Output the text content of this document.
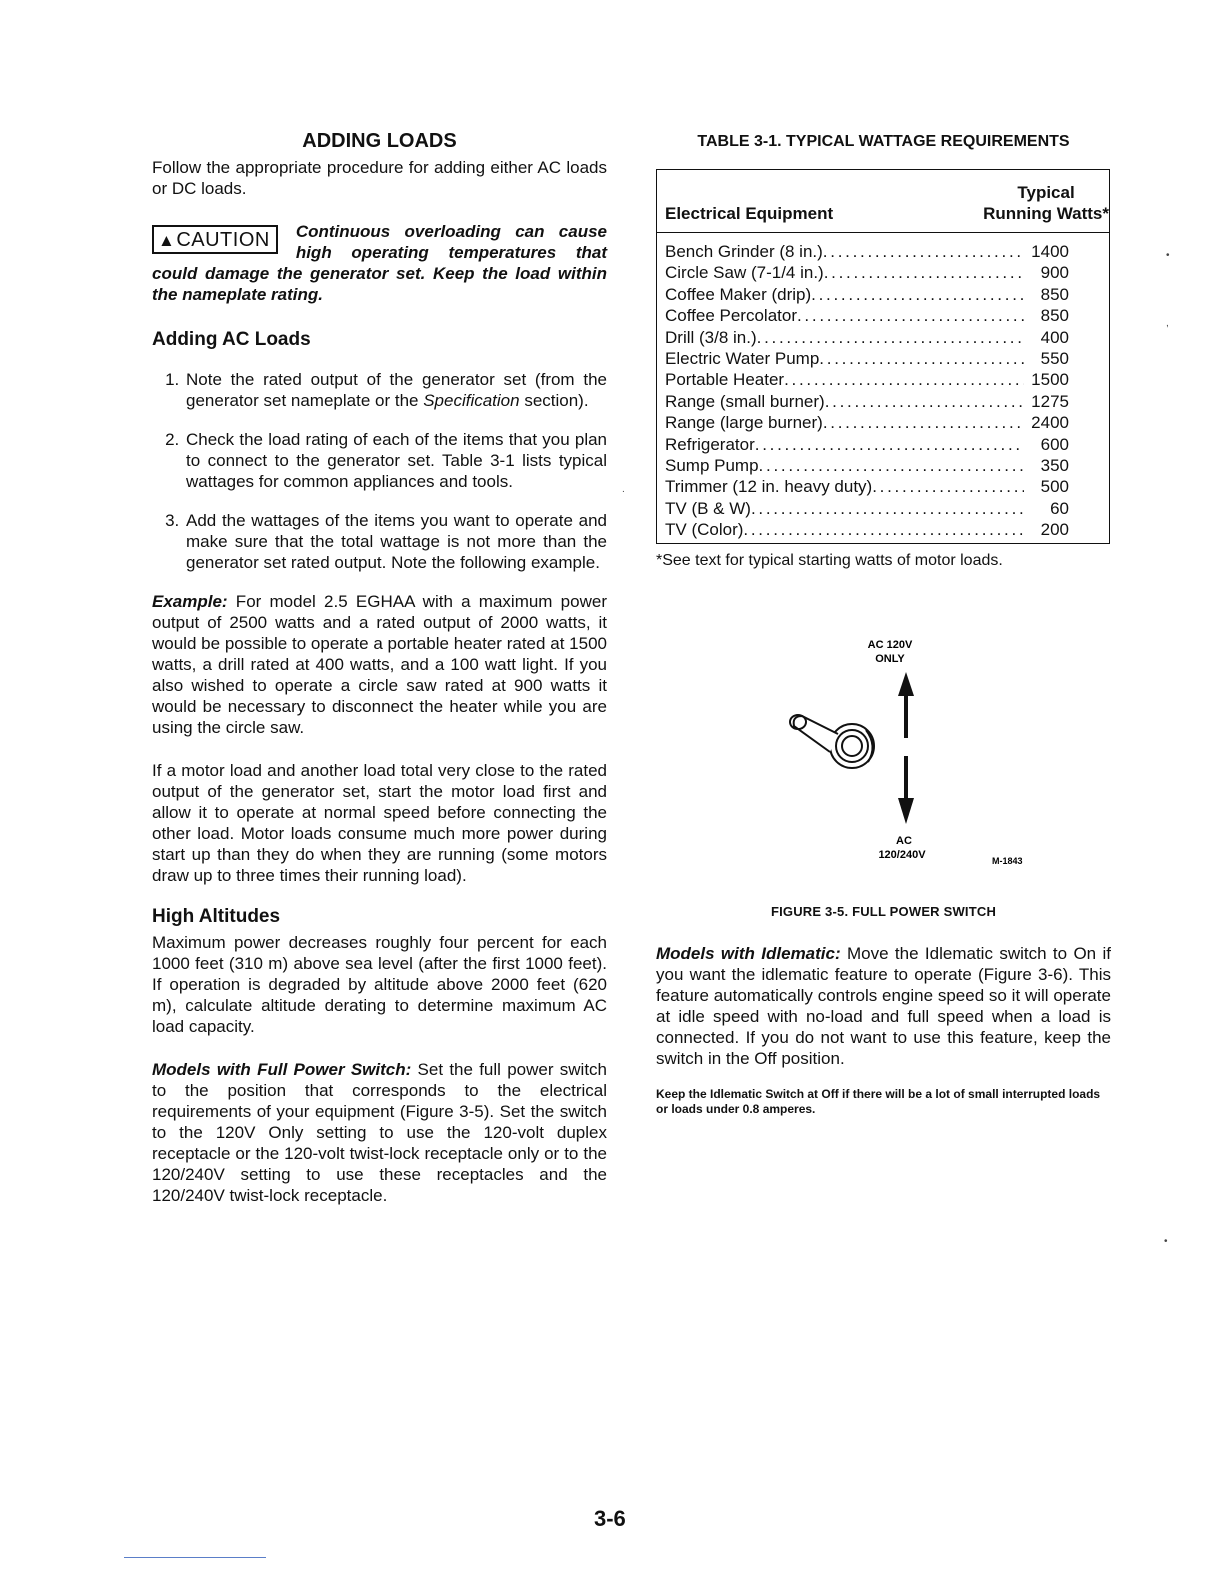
ADDING LOADS

Follow the appropriate procedure for adding either AC loads or DC loads.

▲CAUTION	Continuous overloading can cause high operating temperatures that could damage the generator set. Keep the load within the nameplate rating.
Adding AC Loads
1. Note the rated output of the generator set (from the generator set nameplate or the Specification section).
2. Check the load rating of each of the items that you plan to connect to the generator set. Table 3-1 lists typical wattages for common appliances and tools.
3. Add the wattages of the items you want to operate and make sure that the total wattage is not more than the generator set rated output. Note the following example.

Example: For model 2.5 EGHAA with a maximum power output of 2500 watts and a rated output of 2000 watts, it would be possible to operate a portable heater rated at 1500 watts, a drill rated at 400 watts, and a 100 watt light. If you also wished to operate a circle saw rated at 900 watts it would be necessary to disconnect the heater while you are using the circle saw.

If a motor load and another load total very close to the rated output of the generator set, start the motor load first and allow it to operate at normal speed before connecting the other load. Motor loads consume much more power during start up than they do when they are running (some motors draw up to three times their running load).

High Altitudes

Maximum power decreases roughly four percent for each 1000 feet (310 m) above sea level (after the first 1000 feet). If operation is degraded by altitude above 2000 feet (620 m), calculate altitude derating to determine maximum AC load capacity.

Models with Full Power Switch: Set the full power switch to the position that corresponds to the electrical requirements of your equipment (Figure 3-5). Set the switch to the 120V Only setting to use the 120-volt duplex receptacle or the 120-volt twist-lock receptacle only or to the 120/240V setting to use these receptacles and the 120/240V twist-lock receptacle.

TABLE 3-1. TYPICAL WATTAGE REQUIREMENTS
Electrical Equipment
Typical
Running Watts*
Bench Grinder (8 in.) . . .	1400
Circle Saw (7-1/4 in.) . . .	900
Coffee Maker (drip) . . .	850
Coffee Percolator . . .	850
Drill (3/8 in.) . . .	400
Electric Water Pump . . .	550
Portable Heater . . .	1500
Range (small burner) . . .	1275
Range (large burner) . . .	2400
Refrigerator . . .	600
Sump Pump . . .	350
Trimmer (12 in. heavy duty) . . .	500
TV (B & W) . . .	60
TV (Color) . . .	200
*See text for typical starting watts of motor loads.
AC 120V
ONLY
AC
120/240V	M-1843
FIGURE 3-5. FULL POWER SWITCH

Models with Idlematic: Move the Idlematic switch to On if you want the idlematic feature to operate (Figure 3-6). This feature automatically controls engine speed so it will operate at idle speed with no-load and full speed when a load is connected. If you do not want to use this feature, keep the switch in the Off position.

Keep the Idlematic Switch at Off if there will be a lot of small interrupted loads or loads under 0.8 amperes.
3-6
•
,
•
.
